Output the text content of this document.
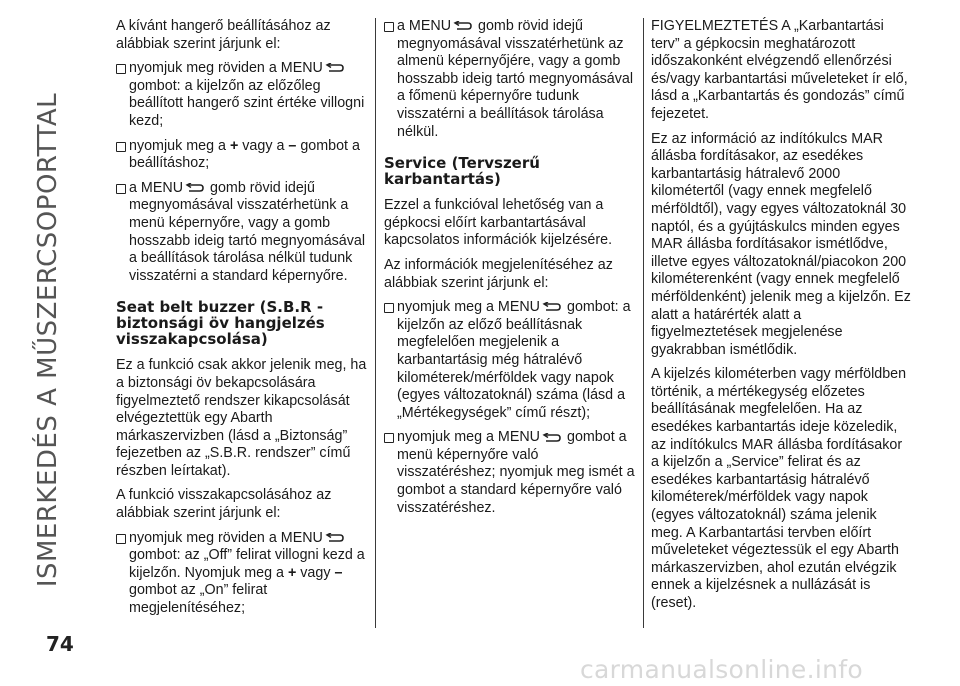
ISMERKEDÉS A MŰSZERCSOPORTTAL

A kívánt hangerő beállításához az alábbiak szerint járjunk el:

nyomjuk meg röviden a MENU
gombot: a kijelzőn az előzőleg beállított hangerő szint értéke villogni kezd;
nyomjuk meg a + vagy a – gombot a beállításhoz;
a MENU gomb rövid idejű megnyomásával visszatérhetünk a menü képernyőre, vagy a gomb hosszabb ideig tartó megnyomásával a beállítások tárolása nélkül tudunk visszatérni a standard képernyőre.
Seat belt buzzer (S.B.R - biztonsági öv hangjelzés visszakapcsolása)

Ez a funkció csak akkor jelenik meg, ha a biztonsági öv bekapcsolására figyelmeztető rendszer kikapcsolását elvégeztettük egy Abarth márkaszervizben (lásd a „Biztonság” fejezetben az „S.B.R. rendszer” című részben leírtakat).

A funkció visszakapcsolásához az alábbiak szerint járjunk el:

nyomjuk meg röviden a MENU gombot: az „Off” felirat villogni kezd a kijelzőn. Nyomjuk meg a + vagy – gombot az „On” felirat megjelenítéséhez;
a MENU gomb rövid idejű megnyomásával visszatérhetünk az almenü képernyőjére, vagy a gomb hosszabb ideig tartó megnyomásával a főmenü képernyőre tudunk visszatérni a beállítások tárolása nélkül.
Service (Tervszerű karbantartás)

Ezzel a funkcióval lehetőség van a gépkocsi előírt karbantartásával kapcsolatos információk kijelzésére.

Az információk megjelenítéséhez az alábbiak szerint járjunk el:

nyomjuk meg a MENU gombot: a kijelzőn az előző beállításnak megfelelően megjelenik a karbantartásig még hátralévő kilométerek/mérföldek vagy napok (egyes változatoknál) száma (lásd a „Mértékegységek” című részt);
nyomjuk meg a MENU gombot a menü képernyőre való visszatéréshez; nyomjuk meg ismét a gombot a standard képernyőre való visszatéréshez.

FIGYELMEZTETÉS A „Karbantartási terv” a gépkocsin meghatározott időszakonként elvégzendő ellenőrzési és/vagy karbantartási műveleteket ír elő, lásd a „Karbantartás és gondozás” című fejezetet.

Ez az információ az indítókulcs MAR állásba fordításakor, az esedékes karbantartásig hátralevő 2000 kilométertől (vagy ennek megfelelő mérföldtől), vagy egyes változatoknál 30 naptól, és a gyújtáskulcs minden egyes MAR állásba fordításakor ismétlődve, illetve egyes változatoknál/piacokon 200 kilométerenként (vagy ennek megfelelő mérföldenként) jelenik meg a kijelzőn. Ez alatt a határérték alatt a figyelmeztetések megjelenése gyakrabban ismétlődik.

A kijelzés kilométerben vagy mérföldben történik, a mértékegység előzetes beállításának megfelelően. Ha az esedékes karbantartás ideje közeledik, az indítókulcs MAR állásba fordításakor a kijelzőn a „Service” felirat és az esedékes karbantartásig hátralévő kilométerek/mérföldek vagy napok (egyes változatoknál) száma jelenik meg. A Karbantartási tervben előírt műveleteket végeztessük el egy Abarth márkaszervizben, ahol ezután elvégzik ennek a kijelzésnek a nullázását is (reset).

74
carmanualsonline.info
